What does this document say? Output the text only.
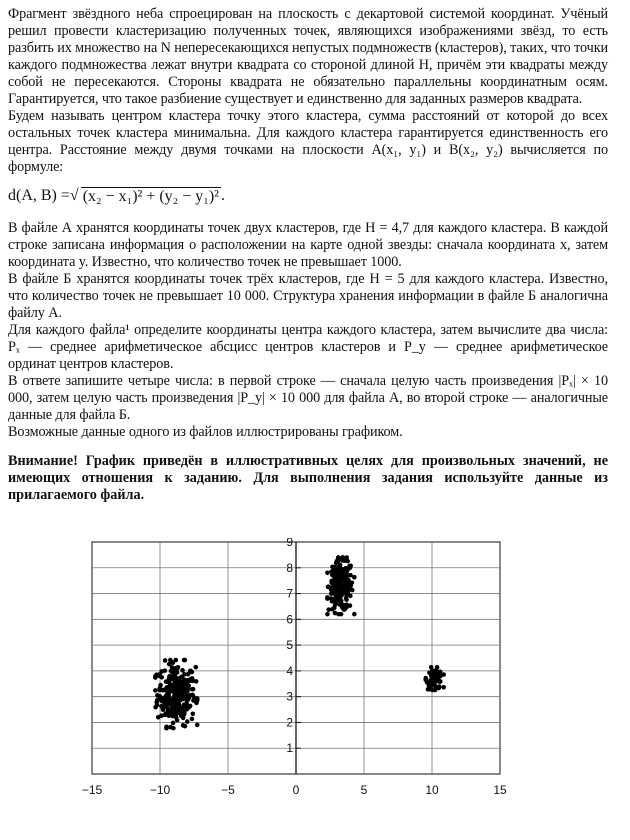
Фрагмент звёздного неба спроецирован на плоскость с декартовой системой координат. Учёный решил провести кластеризацию полученных точек, являющихся изображениями звёзд, то есть разбить их множество на N непересекающихся непустых подмножеств (кластеров), таких, что точки каждого подмножества лежат внутри квадрата со стороной длиной H, причём эти квадраты между собой не пересекаются. Стороны квадрата не обязательно параллельны координатным осям. Гарантируется, что такое разбиение существует и единственно для заданных размеров квадрата.

Будем называть центром кластера точку этого кластера, сумма расстояний от которой до всех остальных точек кластера минимальна. Для каждого кластера гарантируется единственность его центра. Расстояние между двумя точками на плоскости A(x₁, y₁) и B(x₂, y₂) вычисляется по формуле:

d(A, B) = √ (x₂ − x₁)² + (y₂ − y₁)² .

В файле А хранятся координаты точек двух кластеров, где H = 4,7 для каждого кластера. В каждой строке записана информация о расположении на карте одной звезды: сначала координата x, затем координата y. Известно, что количество точек не превышает 1000.

В файле Б хранятся координаты точек трёх кластеров, где H = 5 для каждого кластера. Известно, что количество точек не превышает 10 000. Структура хранения информации в файле Б аналогична файлу А.

Для каждого файла¹ определите координаты центра каждого кластера, затем вычислите два числа: Pₓ — среднее арифметическое абсцисс центров кластеров и P_y — среднее арифметическое ординат центров кластеров.

В ответе запишите четыре числа: в первой строке — сначала целую часть произведения |Pₓ| × 10 000, затем целую часть произведения |P_y| × 10 000 для файла А, во второй строке — аналогичные данные для файла Б.

Возможные данные одного из файлов иллюстрированы графиком.

Внимание! График приведён в иллюстративных целях для произвольных значений, не имеющих отношения к заданию. Для выполнения задания используйте данные из прилагаемого файла.

−15	−10	−5	0	5	10	15
1
2
3
4
5
6
7
8
9
